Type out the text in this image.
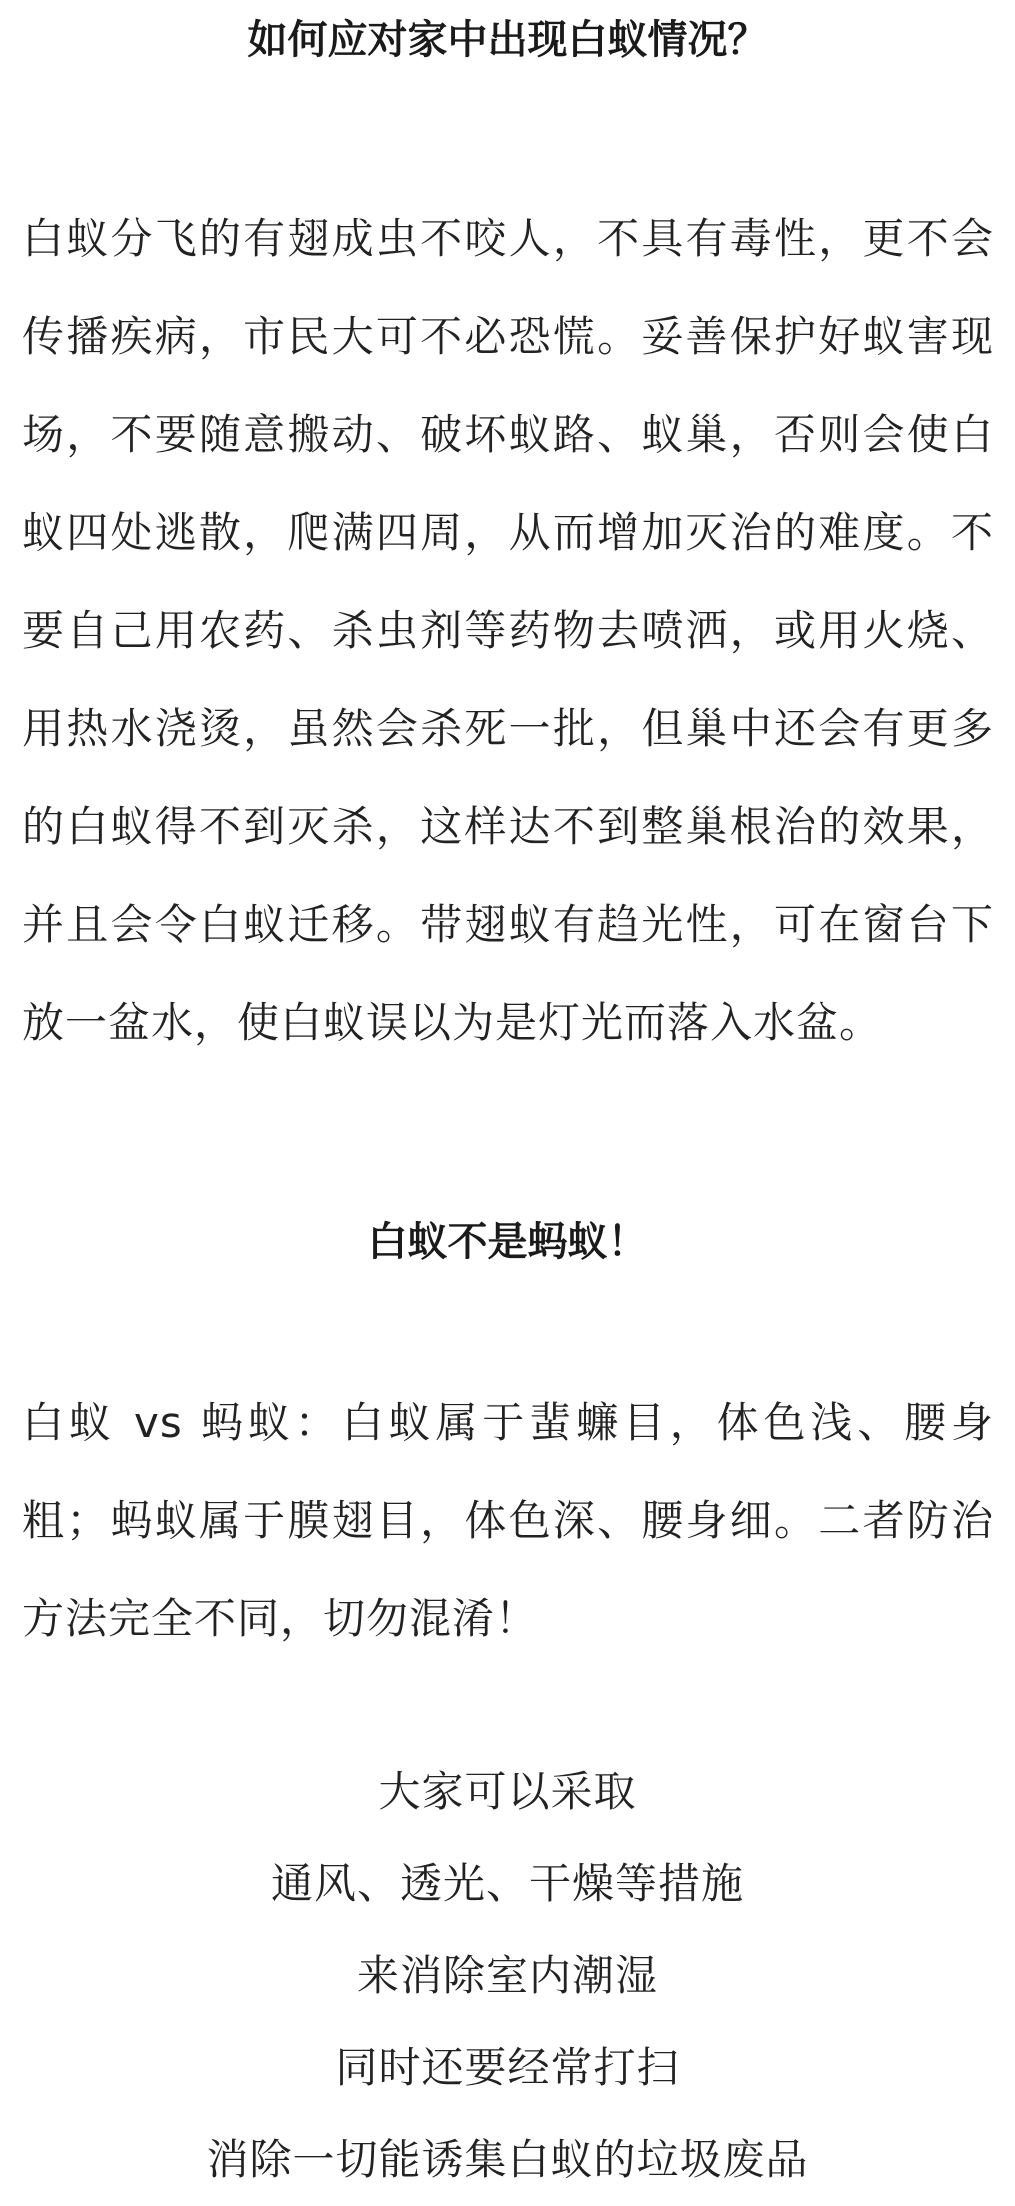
如何应对家中出现白蚁情况？

白蚁分飞的有翅成虫不咬人，不具有毒性，更不会传播疾病，市民大可不必恐慌。妥善保护好蚁害现场，不要随意搬动、破坏蚁路、蚁巢，否则会使白蚁四处逃散，爬满四周，从而增加灭治的难度。不要自己用农药、杀虫剂等药物去喷洒，或用火烧、用热水浇烫，虽然会杀死一批，但巢中还会有更多的白蚁得不到灭杀，这样达不到整巢根治的效果，并且会令白蚁迁移。带翅蚁有趋光性，可在窗台下放一盆水，使白蚁误以为是灯光而落入水盆。

白蚁不是蚂蚁！

白蚁 vs 蚂蚁：白蚁属于蜚蠊目，体色浅、腰身粗；蚂蚁属于膜翅目，体色深、腰身细。二者防治方法完全不同，切勿混淆！

大家可以采取
通风、透光、干燥等措施
来消除室内潮湿
同时还要经常打扫
消除一切能诱集白蚁的垃圾废品
